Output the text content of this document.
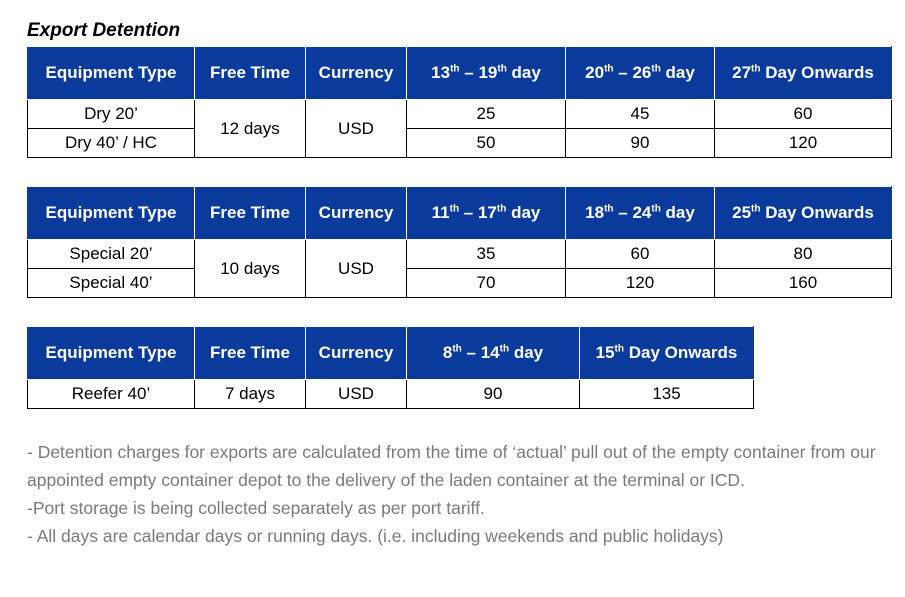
Export Detention
Equipment Type	Free Time	Currency	13th – 19th day	20th – 26th day	27th Day Onwards
Dry 20’	12 days	USD	25	45	60
Dry 40’ / HC			50	90	120
Equipment Type	Free Time	Currency	11th – 17th day	18th – 24th day	25th Day Onwards
Special 20’	10 days	USD	35	60	80
Special 40’			70	120	160
Equipment Type	Free Time	Currency	8th – 14th day	15th Day Onwards
Reefer 40’	7 days	USD	90	135

- Detention charges for exports are calculated from the time of ‘actual’ pull out of the empty container from our appointed empty container depot to the delivery of the laden container at the terminal or ICD.

-Port storage is being collected separately as per port tariff.

- All days are calendar days or running days. (i.e. including weekends and public holidays)
